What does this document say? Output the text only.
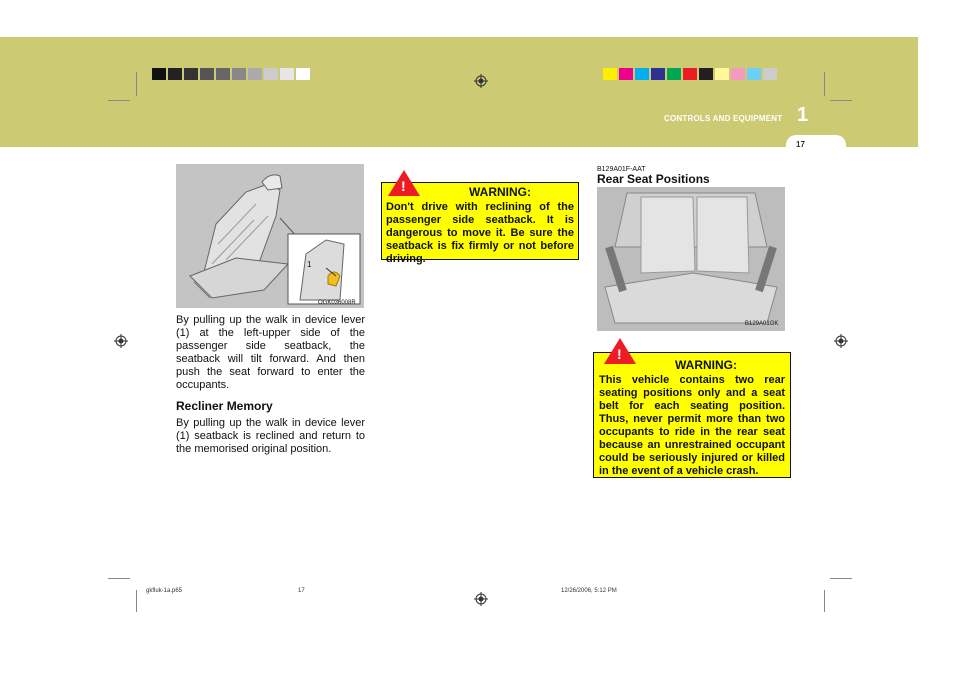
CONTROLS AND EQUIPMENT 1
17
1
OGK036008R
By pulling up the walk in device lever (1) at the left-upper side of the passenger side seatback, the seatback will tilt forward. And then push the seat forward to enter the occupants.
Recliner Memory
By pulling up the walk in device lever (1) seatback is reclined and return to the memorised original position.
WARNING:
Don't drive with reclining of the passenger side seatback. It is dangerous to move it. Be sure the seatback is fix firmly or not before driving.
!
B129A01F-AAT
Rear Seat Positions
B129A01GK
WARNING:
This vehicle contains two rear seating positions only and a seat belt for each seating position. Thus, never permit more than two occupants to ride in the rear seat because an unrestrained occupant could be seriously injured or killed in the event of a vehicle crash.
!
gkfluk-1a.p65	17	12/26/2006, 5:12 PM
